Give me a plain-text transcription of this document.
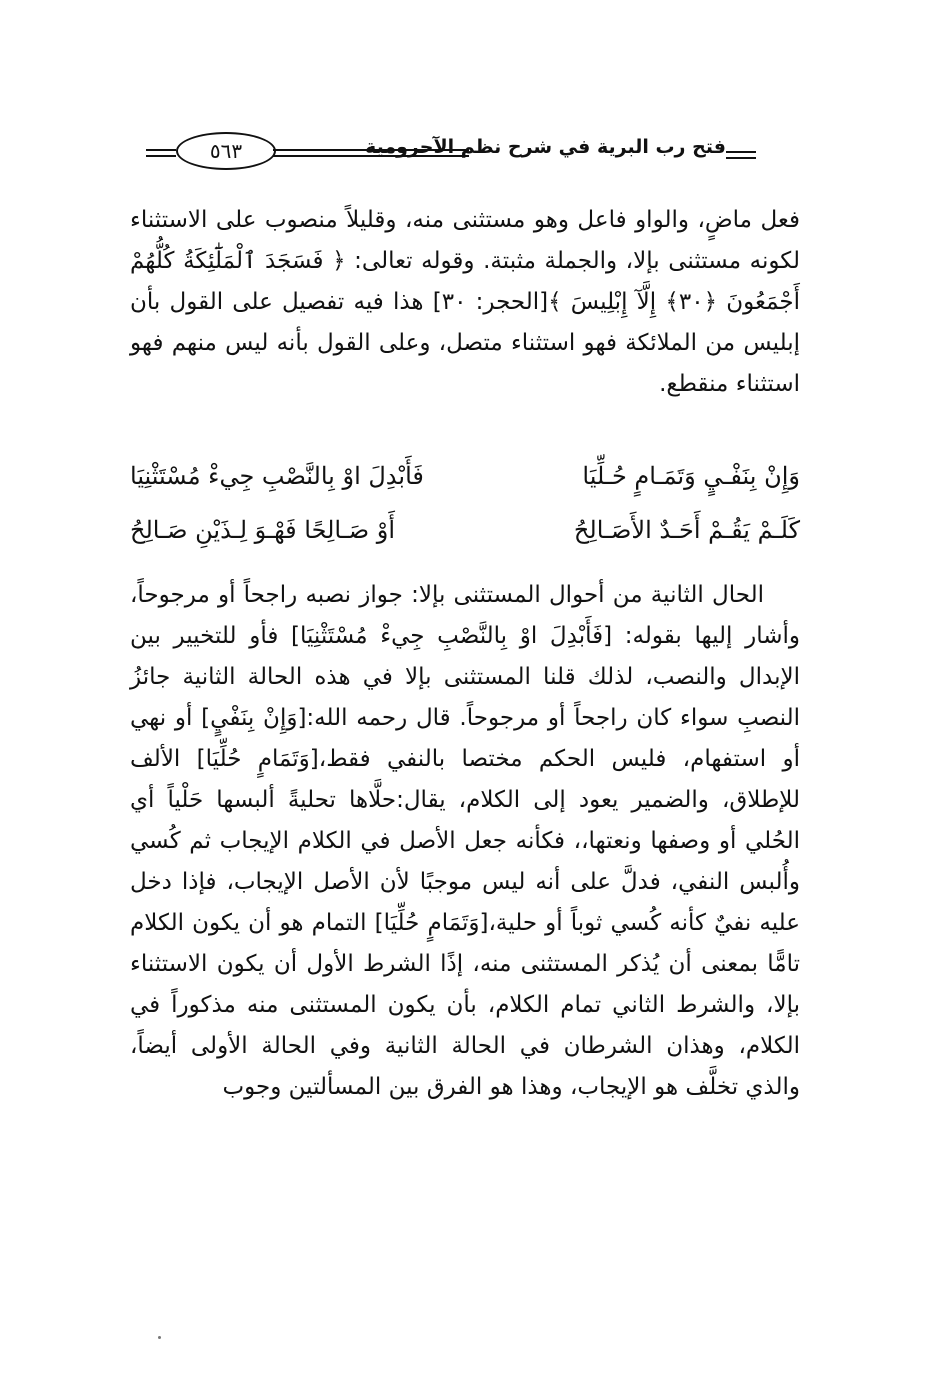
فتح رب البرية في شرح نظم الآجرومية
٥٦٣
فعل ماضٍ، والواو فاعل وهو مستثنى منه، وقليلاً منصوب على الاستثناء لكونه مستثنى بإلا، والجملة مثبتة. وقوله تعالى: ﴿ فَسَجَدَ ٱلْمَلَٰٓئِكَةُ كُلُّهُمْ أَجْمَعُونَ ﴿٣٠﴾ إِلَّآ إِبْلِيسَ ﴾[الحجر: ٣٠] هذا فيه تفصيل على القول بأن إبليس من الملائكة فهو استثناء متصل، وعلى القول بأنه ليس منهم فهو استثناء منقطع.
وَإِنْ بِنَفْـيٍ وَتَمَـامٍ حُـلِّيَا
فَأَبْدِلَ اوْ بِالنَّصْبِ جِيءْ مُسْتَثْنِيَا
كَلَـمْ يَقُـمْ أَحَـدٌ الأَصَـالِحُ
أَوْ صَـالِحًا فَهْـوَ لِـذَيْنِ صَـالِحُ
الحال الثانية من أحوال المستثنى بإلا: جواز نصبه راجحاً أو مرجوحاً، وأشار إليها بقوله: [فَأَبْدِلَ اوْ بِالنَّصْبِ جِيءْ مُسْتَثْنِيَا] فأو للتخيير بين الإبدال والنصب، لذلك قلنا المستثنى بإلا في هذه الحالة الثانية جائزُ النصبِ سواء كان راجحاً أو مرجوحاً. قال رحمه الله:[وَإِنْ بِنَفْيٍ] أو نهي أو استفهام، فليس الحكم مختصا بالنفي فقط،[وَتَمَامٍ حُلِّيَا] الألف للإطلاق، والضمير يعود إلى الكلام، يقال:حلَّاها تحليةً ألبسها حَلْياً أي الحُلي أو وصفها ونعتها،، فكأنه جعل الأصل في الكلام الإيجاب ثم كُسي وأُلبس النفي، فدلَّ على أنه ليس موجبًا لأن الأصل الإيجاب، فإذا دخل عليه نفيٌ كأنه كُسي ثوباً أو حلية،[وَتَمَامٍ حُلِّيَا] التمام هو أن يكون الكلام تامًّا بمعنى أن يُذكر المستثنى منه، إذًا الشرط الأول أن يكون الاستثناء بإلا، والشرط الثاني تمام الكلام، بأن يكون المستثنى منه مذكوراً في الكلام، وهذان الشرطان في الحالة الثانية وفي الحالة الأولى أيضاً، والذي تخلَّف هو الإيجاب، وهذا هو الفرق بين المسألتين وجوب
